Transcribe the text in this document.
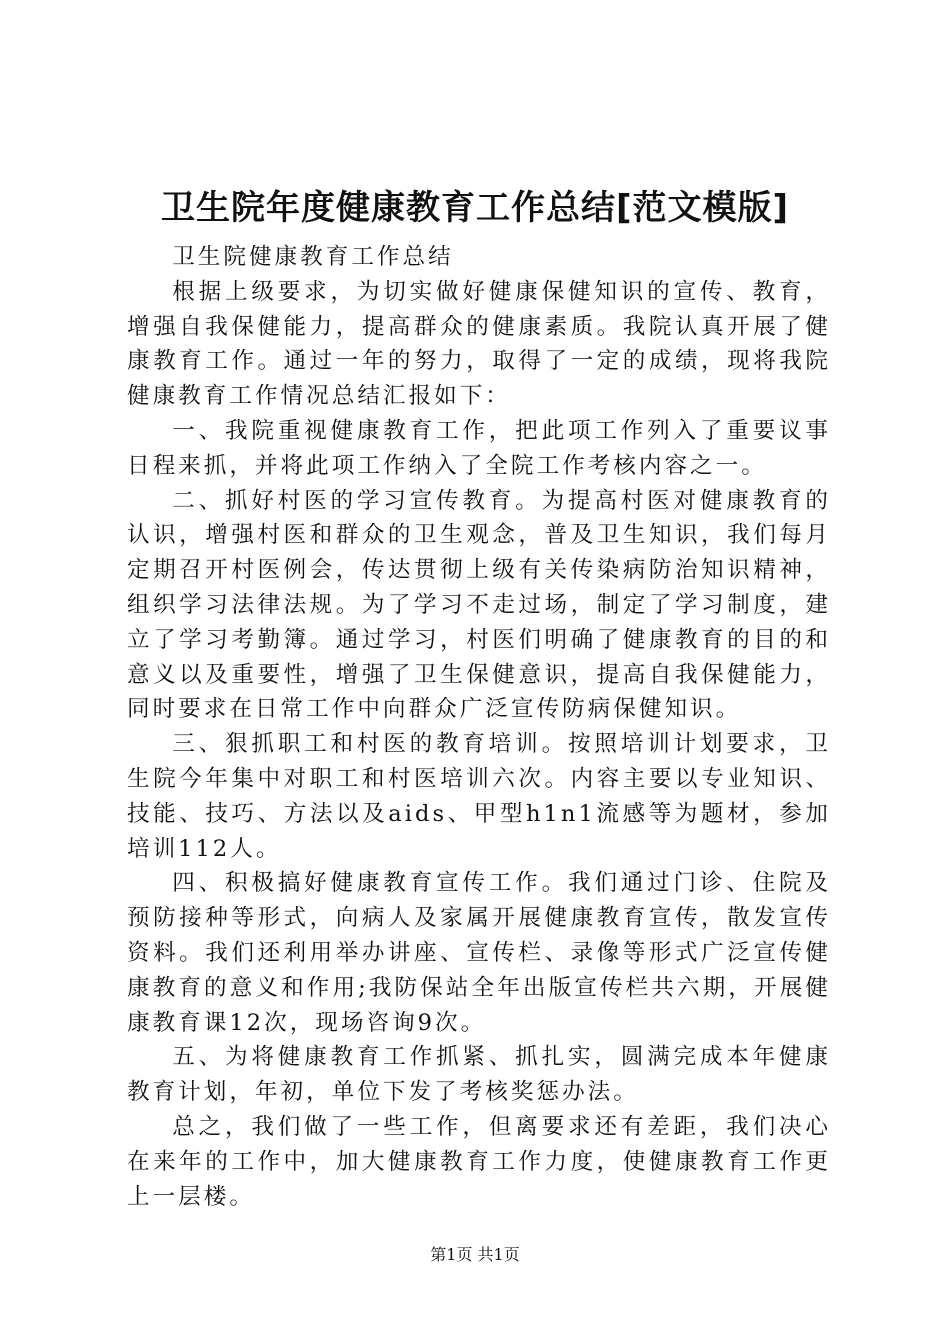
卫生院年度健康教育工作总结[范文模版]

卫生院健康教育工作总结

根据上级要求，为切实做好健康保健知识的宣传、教育，增强自我保健能力，提高群众的健康素质。我院认真开展了健康教育工作。通过一年的努力，取得了一定的成绩，现将我院健康教育工作情况总结汇报如下：

一、我院重视健康教育工作，把此项工作列入了重要议事日程来抓，并将此项工作纳入了全院工作考核内容之一。

二、抓好村医的学习宣传教育。为提高村医对健康教育的认识，增强村医和群众的卫生观念，普及卫生知识，我们每月定期召开村医例会，传达贯彻上级有关传染病防治知识精神，组织学习法律法规。为了学习不走过场，制定了学习制度，建立了学习考勤簿。通过学习，村医们明确了健康教育的目的和意义以及重要性，增强了卫生保健意识，提高自我保健能力，同时要求在日常工作中向群众广泛宣传防病保健知识。

三、狠抓职工和村医的教育培训。按照培训计划要求，卫生院今年集中对职工和村医培训六次。内容主要以专业知识、技能、技巧、方法以及aids、甲型h1n1流感等为题材，参加培训112人。

四、积极搞好健康教育宣传工作。我们通过门诊、住院及预防接种等形式，向病人及家属开展健康教育宣传，散发宣传资料。我们还利用举办讲座、宣传栏、录像等形式广泛宣传健康教育的意义和作用;我防保站全年出版宣传栏共六期，开展健康教育课12次，现场咨询9次。

五、为将健康教育工作抓紧、抓扎实，圆满完成本年健康教育计划，年初，单位下发了考核奖惩办法。

总之，我们做了一些工作，但离要求还有差距，我们决心在来年的工作中，加大健康教育工作力度，使健康教育工作更上一层楼。

第1页 共1页
